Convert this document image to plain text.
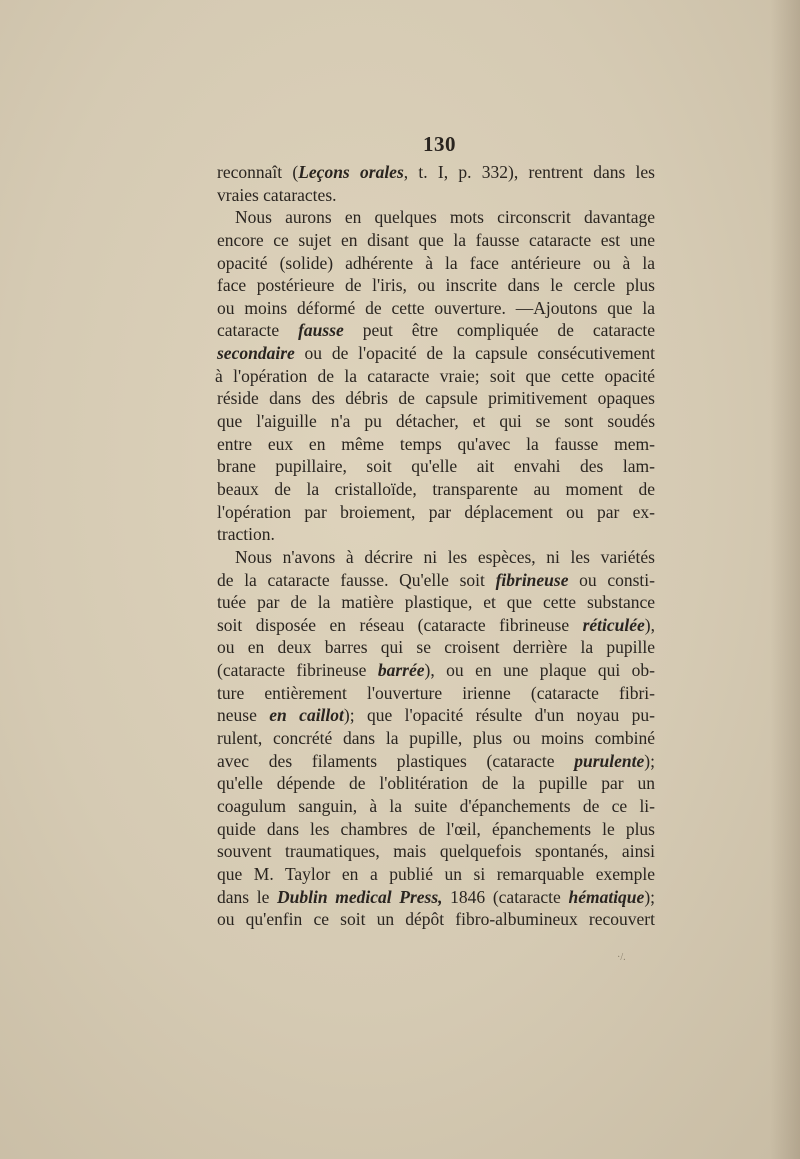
130
reconnaît (Leçons orales, t. I, p. 332), rentrent dans les
vraies cataractes.
Nous aurons en quelques mots circonscrit davantage
encore ce sujet en disant que la fausse cataracte est une
opacité (solide) adhérente à la face antérieure ou à la
face postérieure de l'iris, ou inscrite dans le cercle plus
ou moins déformé de cette ouverture. —Ajoutons que la
cataracte fausse peut être compliquée de cataracte
secondaire ou de l'opacité de la capsule consécutivement
à l'opération de la cataracte vraie; soit que cette opacité
réside dans des débris de capsule primitivement opaques
que l'aiguille n'a pu détacher, et qui se sont soudés
entre eux en même temps qu'avec la fausse mem-
brane pupillaire, soit qu'elle ait envahi des lam-
beaux de la cristalloïde, transparente au moment de
l'opération par broiement, par déplacement ou par ex-
traction.
Nous n'avons à décrire ni les espèces, ni les variétés
de la cataracte fausse. Qu'elle soit fibrineuse ou consti-
tuée par de la matière plastique, et que cette substance
soit disposée en réseau (cataracte fibrineuse réticulée),
ou en deux barres qui se croisent derrière la pupille
(cataracte fibrineuse barrée), ou en une plaque qui ob-
ture entièrement l'ouverture irienne (cataracte fibri-
neuse en caillot); que l'opacité résulte d'un noyau pu-
rulent, concrété dans la pupille, plus ou moins combiné
avec des filaments plastiques (cataracte purulente);
qu'elle dépende de l'oblitération de la pupille par un
coagulum sanguin, à la suite d'épanchements de ce li-
quide dans les chambres de l'œil, épanchements le plus
souvent traumatiques, mais quelquefois spontanés, ainsi
que M. Taylor en a publié un si remarquable exemple
dans le Dublin medical Press, 1846 (cataracte hématique);
ou qu'enfin ce soit un dépôt fibro-albumineux recouvert
·/.
